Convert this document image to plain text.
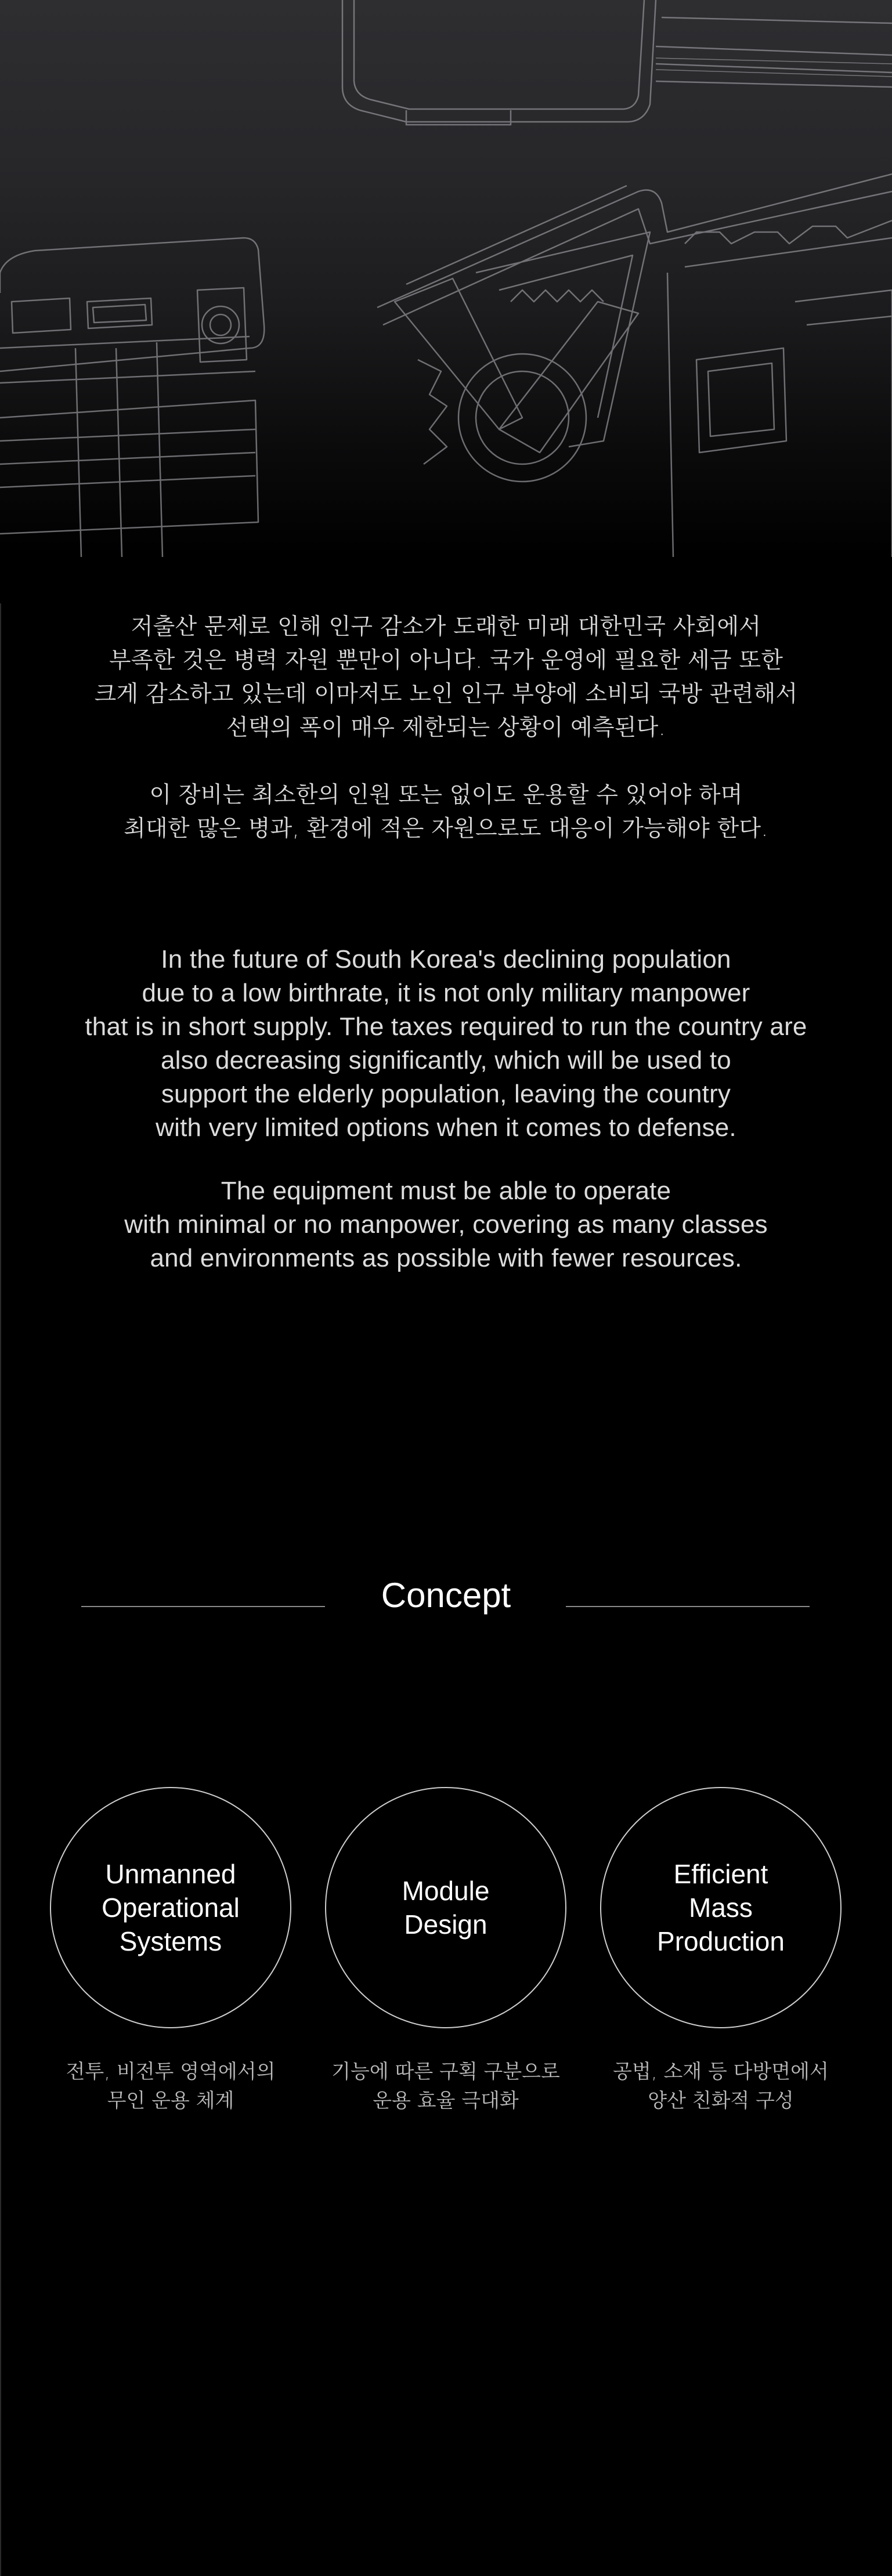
저출산 문제로 인해 인구 감소가 도래한 미래 대한민국 사회에서
부족한 것은 병력 자원 뿐만이 아니다. 국가 운영에 필요한 세금 또한
크게 감소하고 있는데 이마저도 노인 인구 부양에 소비되 국방 관련해서
선택의 폭이 매우 제한되는 상황이 예측된다.
이 장비는 최소한의 인원 또는 없이도 운용할 수 있어야 하며
최대한 많은 병과, 환경에 적은 자원으로도 대응이 가능해야 한다.
In the future of South Korea's declining population
due to a low birthrate, it is not only military manpower
that is in short supply. The taxes required to run the country are
also decreasing significantly, which will be used to
support the elderly population, leaving the country
with very limited options when it comes to defense.
The equipment must be able to operate
with minimal or no manpower, covering as many classes
and environments as possible with fewer resources.
Concept
Unmanned
Operational
Systems
Module
Design
Efficient
Mass
Production
전투, 비전투 영역에서의
무인 운용 체계
기능에 따른 구획 구분으로
운용 효율 극대화
공법, 소재 등 다방면에서
양산 친화적 구성
